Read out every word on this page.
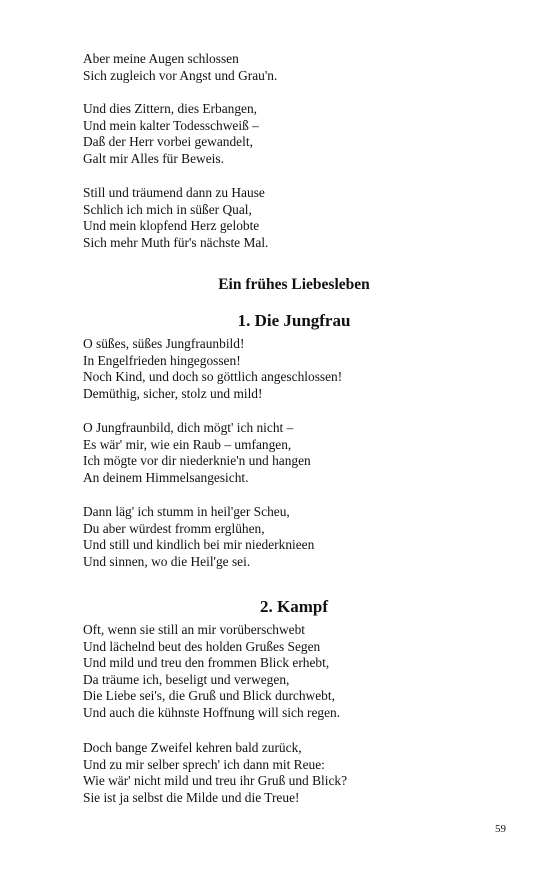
Aber meine Augen schlossen
Sich zugleich vor Angst und Grau'n.
Und dies Zittern, dies Erbangen,
Und mein kalter Todesschweiß –
Daß der Herr vorbei gewandelt,
Galt mir Alles für Beweis.
Still und träumend dann zu Hause
Schlich ich mich in süßer Qual,
Und mein klopfend Herz gelobte
Sich mehr Muth für's nächste Mal.
Ein frühes Liebesleben
1. Die Jungfrau
O süßes, süßes Jungfraunbild!
In Engelfrieden hingegossen!
Noch Kind, und doch so göttlich angeschlossen!
Demüthig, sicher, stolz und mild!
O Jungfraunbild, dich mögt' ich nicht –
Es wär' mir, wie ein Raub – umfangen,
Ich mögte vor dir niederknie'n und hangen
An deinem Himmelsangesicht.
Dann läg' ich stumm in heil'ger Scheu,
Du aber würdest fromm erglühen,
Und still und kindlich bei mir niederknieen
Und sinnen, wo die Heil'ge sei.
2. Kampf
Oft, wenn sie still an mir vorüberschwebt
Und lächelnd beut des holden Grußes Segen
Und mild und treu den frommen Blick erhebt,
Da träume ich, beseligt und verwegen,
Die Liebe sei's, die Gruß und Blick durchwebt,
Und auch die kühnste Hoffnung will sich regen.
Doch bange Zweifel kehren bald zurück,
Und zu mir selber sprech' ich dann mit Reue:
Wie wär' nicht mild und treu ihr Gruß und Blick?
Sie ist ja selbst die Milde und die Treue!
59
